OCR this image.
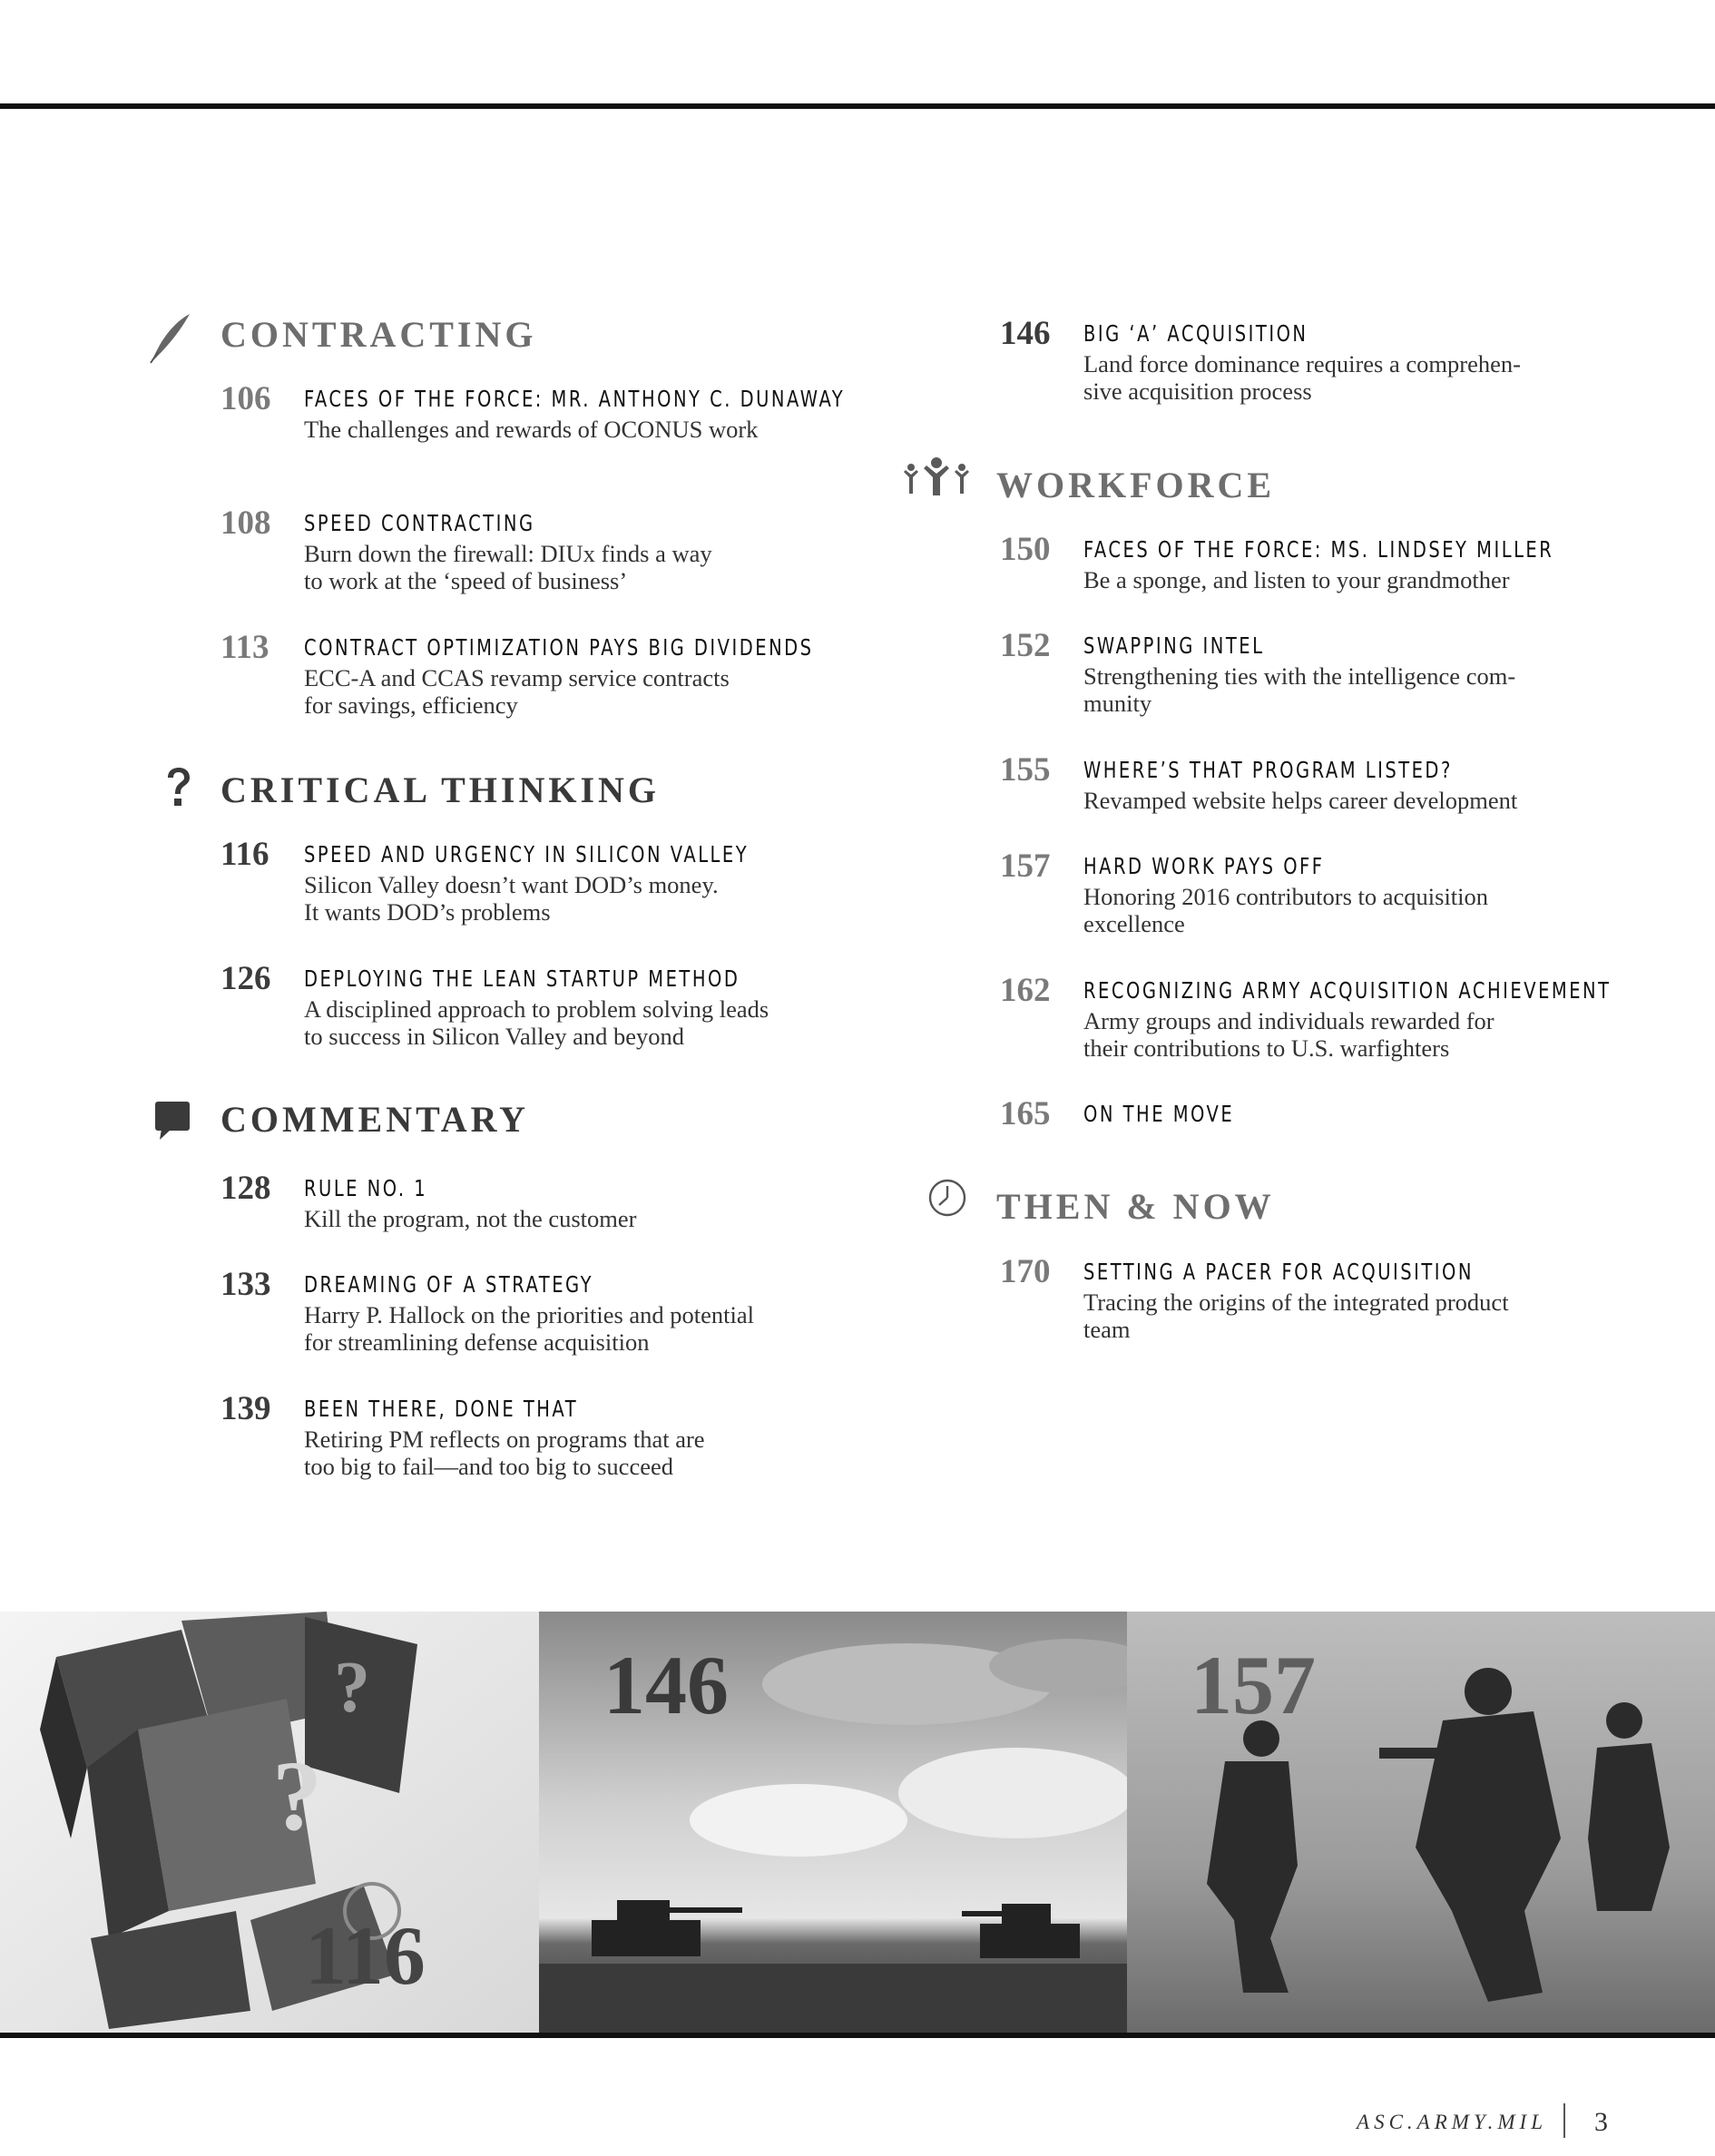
CONTRACTING
106 FACES OF THE FORCE: MR. ANTHONY C. DUNAWAY
The challenges and rewards of OCONUS work
108 SPEED CONTRACTING
Burn down the firewall: DIUx finds a way
to work at the ‘speed of business’
113 CONTRACT OPTIMIZATION PAYS BIG DIVIDENDS
ECC-A and CCAS revamp service contracts
for savings, efficiency
CRITICAL THINKING
116 SPEED AND URGENCY IN SILICON VALLEY
Silicon Valley doesn’t want DOD’s money.
It wants DOD’s problems
126 DEPLOYING THE LEAN STARTUP METHOD
A disciplined approach to problem solving leads
to success in Silicon Valley and beyond
COMMENTARY
128 RULE NO. 1
Kill the program, not the customer
133 DREAMING OF A STRATEGY
Harry P. Hallock on the priorities and potential
for streamlining defense acquisition
139 BEEN THERE, DONE THAT
Retiring PM reflects on programs that are
too big to fail—and too big to succeed
146 BIG ‘A’ ACQUISITION
Land force dominance requires a comprehen-
sive acquisition process
WORKFORCE
150 FACES OF THE FORCE: MS. LINDSEY MILLER
Be a sponge, and listen to your grandmother
152 SWAPPING INTEL
Strengthening ties with the intelligence com-
munity
155 WHERE’S THAT PROGRAM LISTED?
Revamped website helps career development
157 HARD WORK PAYS OFF
Honoring 2016 contributors to acquisition
excellence
162 RECOGNIZING ARMY ACQUISITION ACHIEVEMENT
Army groups and individuals rewarded for
their contributions to U.S. warfighters
165 ON THE MOVE
THEN & NOW
170 SETTING A PACER FOR ACQUISITION
Tracing the origins of the integrated product
team
?
?
116
146	157
ASC.ARMY.MIL 3
